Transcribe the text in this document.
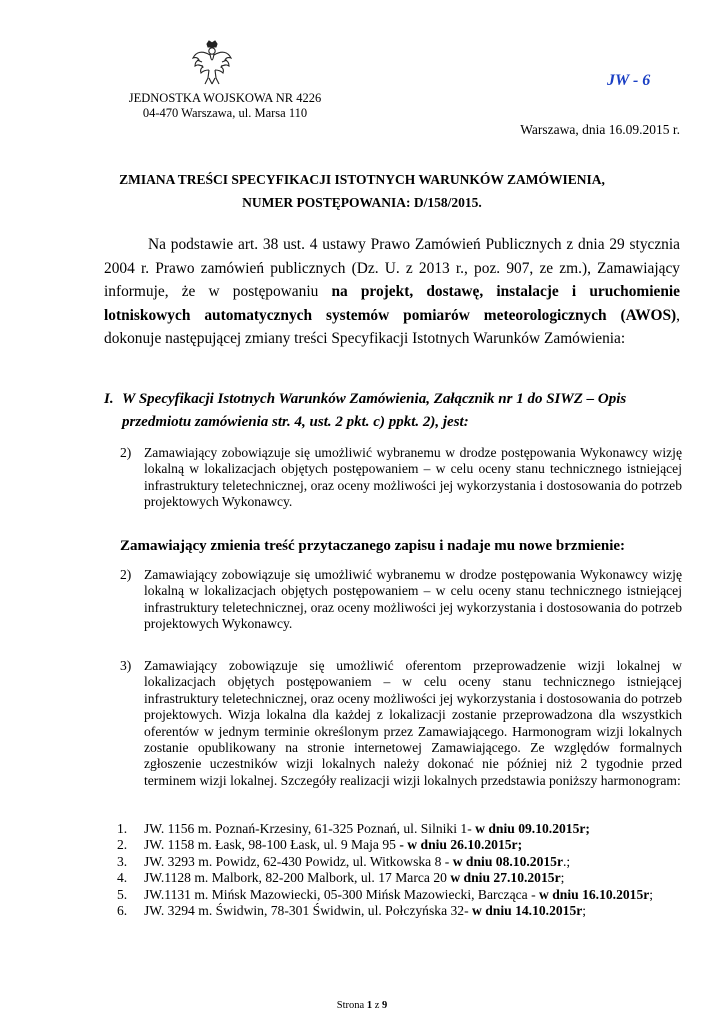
JEDNOSTKA WOJSKOWA NR 4226
04-470 Warszawa, ul. Marsa 110
JW - 6
Warszawa, dnia 16.09.2015 r.
ZMIANA TREŚCI SPECYFIKACJI ISTOTNYCH WARUNKÓW ZAMÓWIENIA,
NUMER POSTĘPOWANIA: D/158/2015.

Na podstawie art. 38 ust. 4 ustawy Prawo Zamówień Publicznych z dnia 29 stycznia 2004 r. Prawo zamówień publicznych (Dz. U. z 2013 r., poz. 907, ze zm.), Zamawiający informuje, że w postępowaniu na projekt, dostawę, instalacje i uruchomienie lotniskowych automatycznych systemów pomiarów meteorologicznych (AWOS), dokonuje następującej zmiany treści Specyfikacji Istotnych Warunków Zamówienia:

I. W Specyfikacji Istotnych Warunków Zamówienia, Załącznik nr 1 do SIWZ – Opis
przedmiotu zamówienia str. 4, ust. 2 pkt. c) ppkt. 2), jest:
2) Zamawiający zobowiązuje się umożliwić wybranemu w drodze postępowania Wykonawcy wizję lokalną w lokalizacjach objętych postępowaniem – w celu oceny stanu technicznego istniejącej infrastruktury teletechnicznej, oraz oceny możliwości jej wykorzystania i dostosowania do potrzeb projektowych Wykonawcy.
Zamawiający zmienia treść przytaczanego zapisu i nadaje mu nowe brzmienie:
2) Zamawiający zobowiązuje się umożliwić wybranemu w drodze postępowania Wykonawcy wizję lokalną w lokalizacjach objętych postępowaniem – w celu oceny stanu technicznego istniejącej infrastruktury teletechnicznej, oraz oceny możliwości jej wykorzystania i dostosowania do potrzeb projektowych Wykonawcy.
3) Zamawiający zobowiązuje się umożliwić oferentom przeprowadzenie wizji lokalnej w lokalizacjach objętych postępowaniem – w celu oceny stanu technicznego istniejącej infrastruktury teletechnicznej, oraz oceny możliwości jej wykorzystania i dostosowania do potrzeb projektowych. Wizja lokalna dla każdej z lokalizacji zostanie przeprowadzona dla wszystkich oferentów w jednym terminie określonym przez Zamawiającego. Harmonogram wizji lokalnych zostanie opublikowany na stronie internetowej Zamawiającego. Ze względów formalnych zgłoszenie uczestników wizji lokalnych należy dokonać nie później niż 2 tygodnie przed terminem wizji lokalnej. Szczegóły realizacji wizji lokalnych przedstawia poniższy harmonogram:
1. JW. 1156 m. Poznań-Krzesiny, 61-325 Poznań, ul. Silniki 1- w dniu 09.10.2015r;
2. JW. 1158 m. Łask, 98-100 Łask, ul. 9 Maja 95 - w dniu 26.10.2015r;
3. JW. 3293 m. Powidz, 62-430 Powidz, ul. Witkowska 8 - w dniu 08.10.2015r.;
4. JW.1128 m. Malbork, 82-200 Malbork, ul. 17 Marca 20 w dniu 27.10.2015r;
5. JW.1131 m. Mińsk Mazowiecki, 05-300 Mińsk Mazowiecki, Barcząca - w dniu 16.10.2015r;
6. JW. 3294 m. Świdwin, 78-301 Świdwin, ul. Połczyńska 32- w dniu 14.10.2015r;
Strona 1 z 9
